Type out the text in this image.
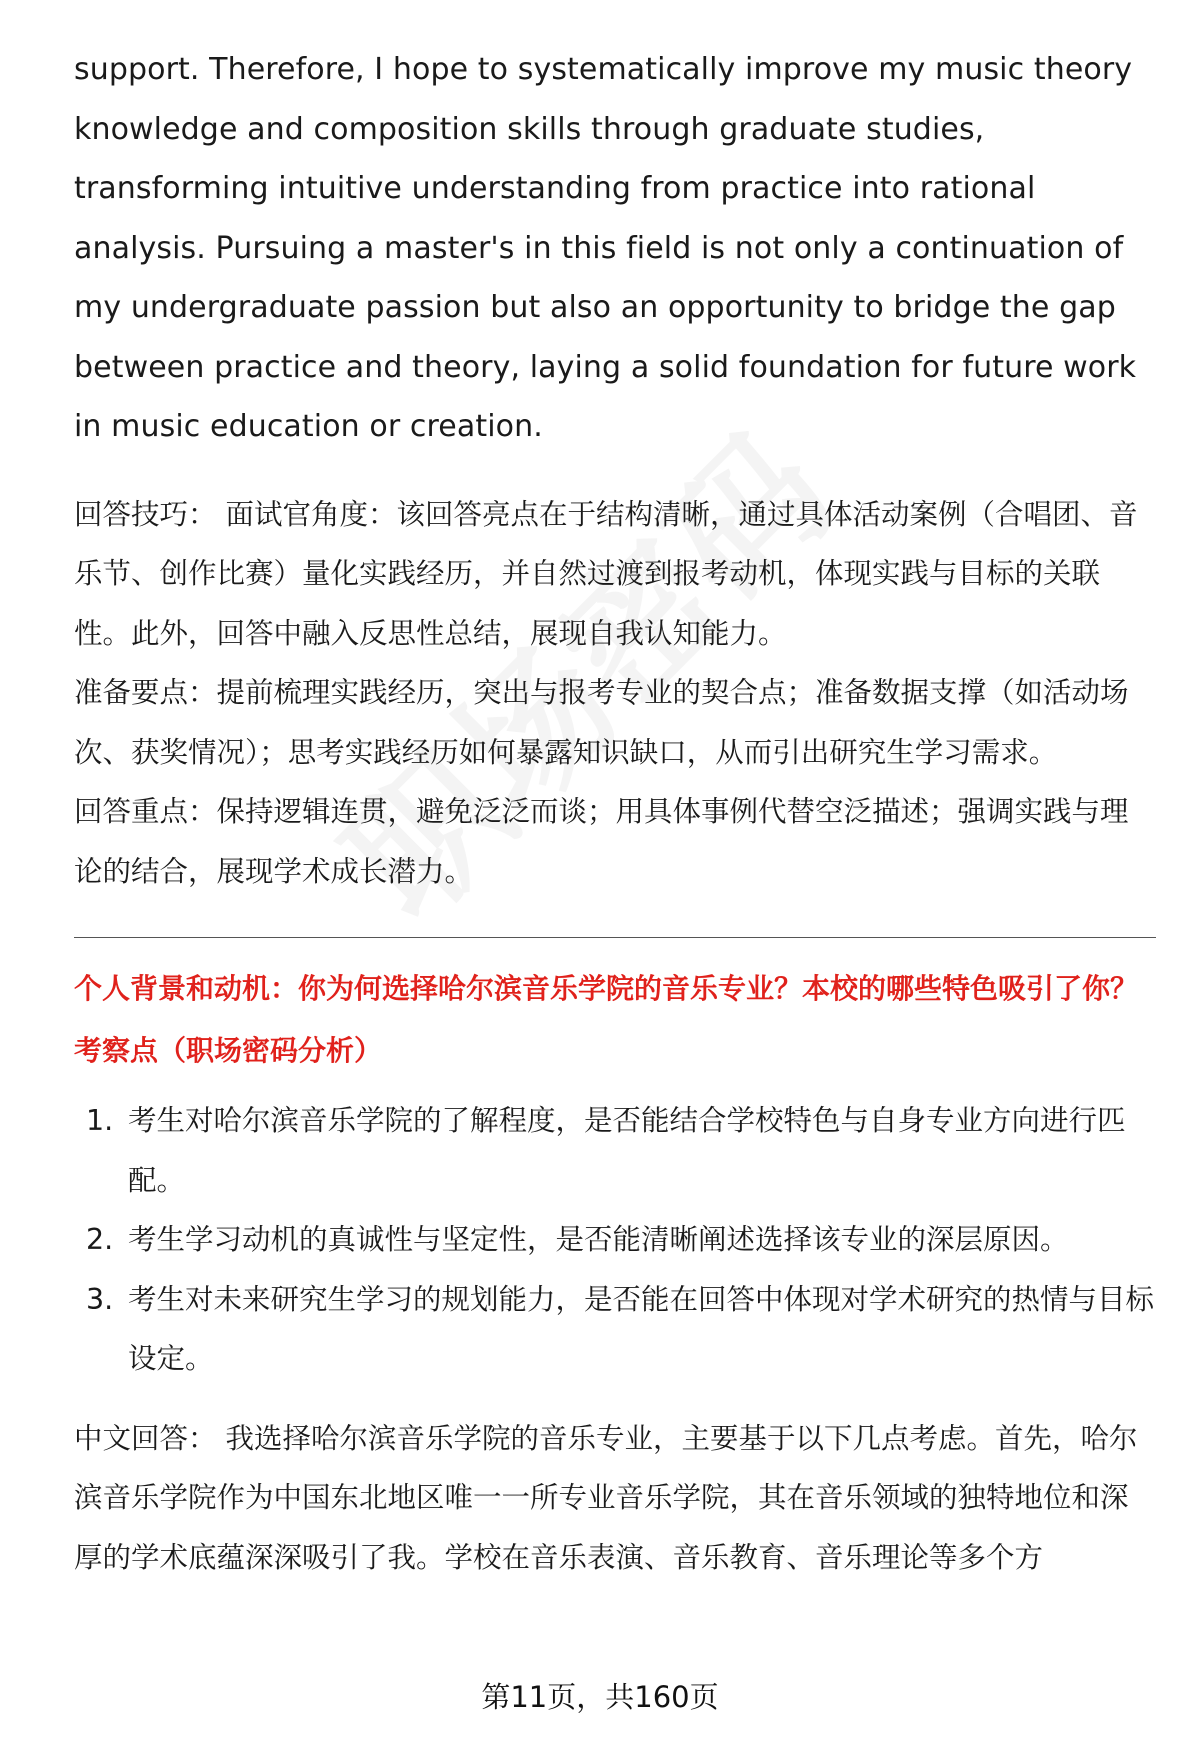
support. Therefore, I hope to systematically improve my music theory knowledge and composition skills through graduate studies, transforming intuitive understanding from practice into rational analysis. Pursuing a master's in this field is not only a continuation of my undergraduate passion but also an opportunity to bridge the gap between practice and theory, laying a solid foundation for future work in music education or creation.

回答技巧： 面试官角度：该回答亮点在于结构清晰，通过具体活动案例（合唱团、音乐节、创作比赛）量化实践经历，并自然过渡到报考动机，体现实践与目标的关联性。此外，回答中融入反思性总结，展现自我认知能力。

准备要点：提前梳理实践经历，突出与报考专业的契合点；准备数据支撑（如活动场次、获奖情况）；思考实践经历如何暴露知识缺口，从而引出研究生学习需求。

回答重点：保持逻辑连贯，避免泛泛而谈；用具体事例代替空泛描述；强调实践与理论的结合，展现学术成长潜力。

个人背景和动机：你为何选择哈尔滨音乐学院的音乐专业？本校的哪些特色吸引了你？

考察点（职场密码分析）

1. 考生对哈尔滨音乐学院的了解程度，是否能结合学校特色与自身专业方向进行匹配。
2. 考生学习动机的真诚性与坚定性，是否能清晰阐述选择该专业的深层原因。
3. 考生对未来研究生学习的规划能力，是否能在回答中体现对学术研究的热情与目标设定。

中文回答： 我选择哈尔滨音乐学院的音乐专业，主要基于以下几点考虑。首先，哈尔滨音乐学院作为中国东北地区唯一一所专业音乐学院，其在音乐领域的独特地位和深厚的学术底蕴深深吸引了我。学校在音乐表演、音乐教育、音乐理论等多个方

第11页，共160页
